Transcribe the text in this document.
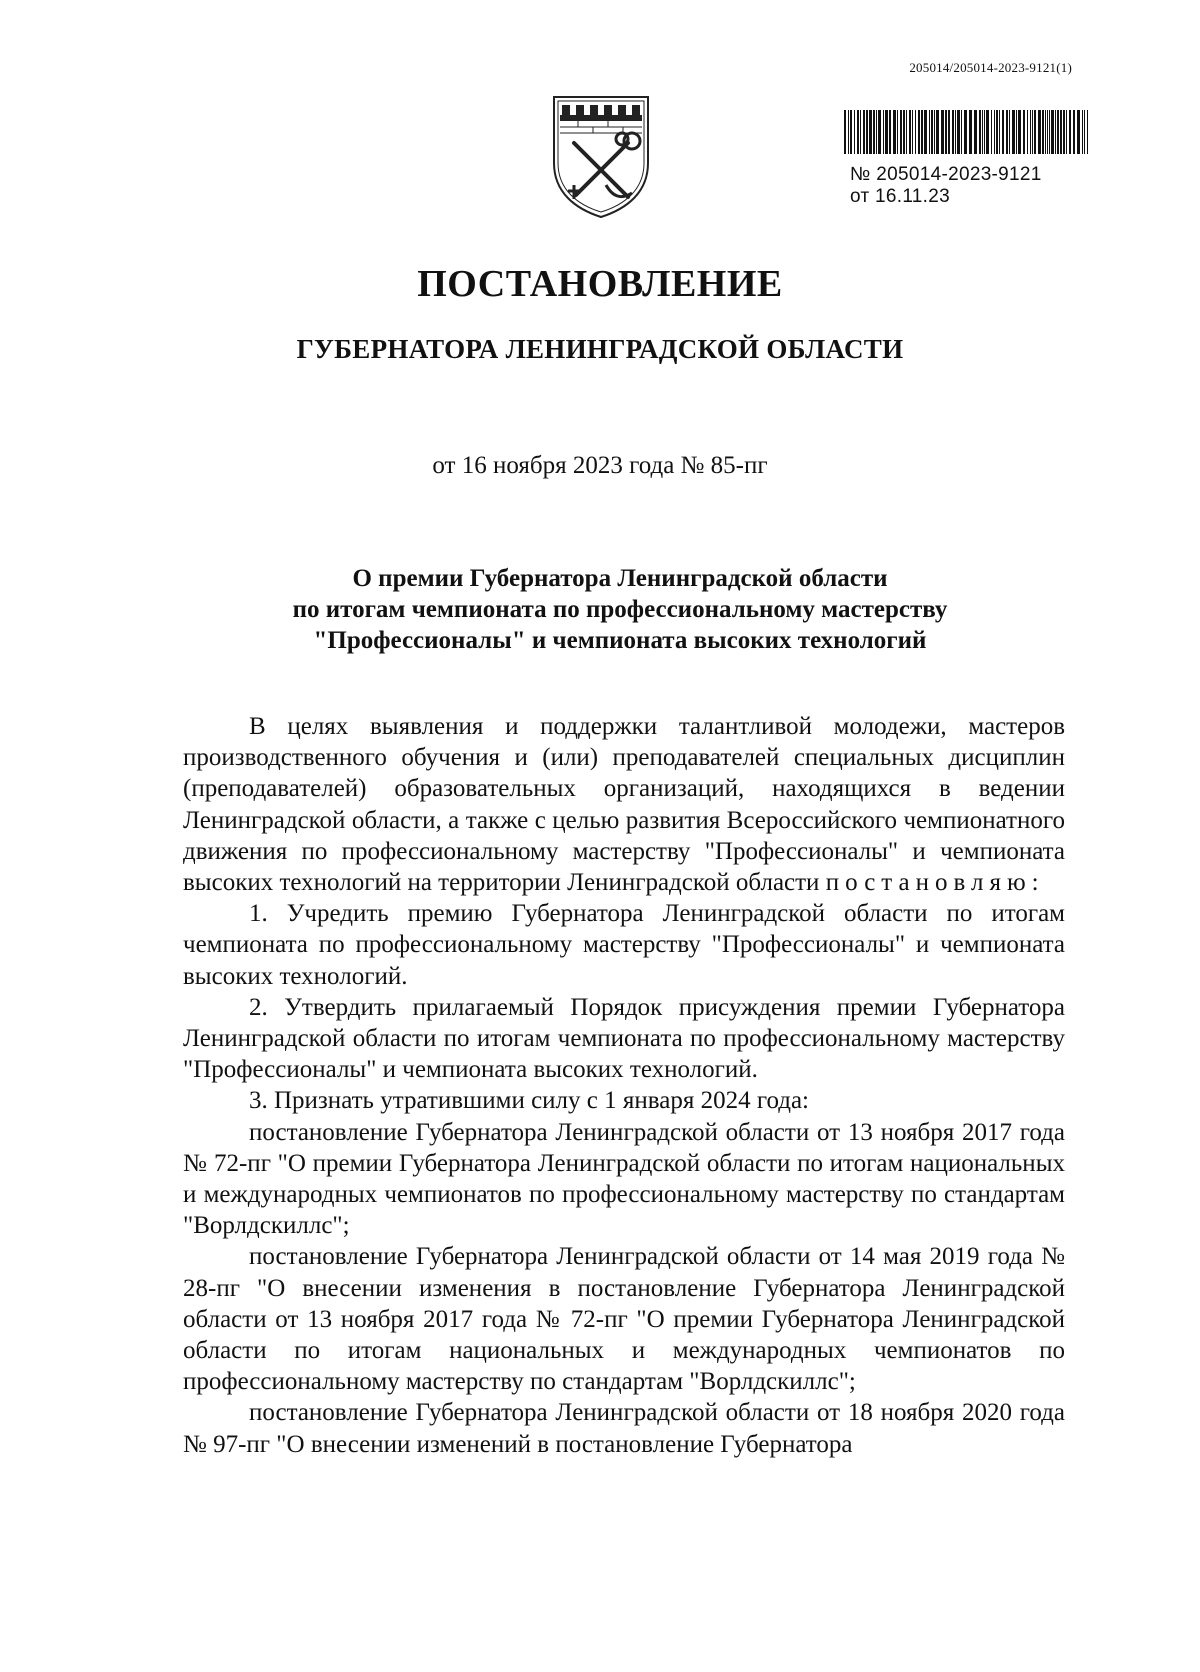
205014/205014-2023-9121(1)
№ 205014-2023-9121
от 16.11.23
ПОСТАНОВЛЕНИЕ
ГУБЕРНАТОРА ЛЕНИНГРАДСКОЙ ОБЛАСТИ
от 16 ноября 2023 года № 85-пг
О премии Губернатора Ленинградской области
по итогам чемпионата по профессиональному мастерству
"Профессионалы" и чемпионата высоких технологий

В целях выявления и поддержки талантливой молодежи, мастеров производственного обучения и (или) преподавателей специальных дисциплин (преподавателей) образовательных организаций, находящихся в ведении Ленинградской области, а также с целью развития Всероссийского чемпионатного движения по профессиональному мастерству "Профессионалы" и чемпионата высоких технологий на территории Ленинградской области постановляю:

1. Учредить премию Губернатора Ленинградской области по итогам чемпионата по профессиональному мастерству "Профессионалы" и чемпионата высоких технологий.

2. Утвердить прилагаемый Порядок присуждения премии Губернатора Ленинградской области по итогам чемпионата по профессиональному мастерству "Профессионалы" и чемпионата высоких технологий.

3. Признать утратившими силу с 1 января 2024 года:

постановление Губернатора Ленинградской области от 13 ноября 2017 года № 72-пг "О премии Губернатора Ленинградской области по итогам национальных и международных чемпионатов по профессиональному мастерству по стандартам "Ворлдскиллс";

постановление Губернатора Ленинградской области от 14 мая 2019 года № 28-пг "О внесении изменения в постановление Губернатора Ленинградской области от 13 ноября 2017 года № 72-пг "О премии Губернатора Ленинградской области по итогам национальных и международных чемпионатов по профессиональному мастерству по стандартам "Ворлдскиллс";

постановление Губернатора Ленинградской области от 18 ноября 2020 года № 97-пг "О внесении изменений в постановление Губернатора
